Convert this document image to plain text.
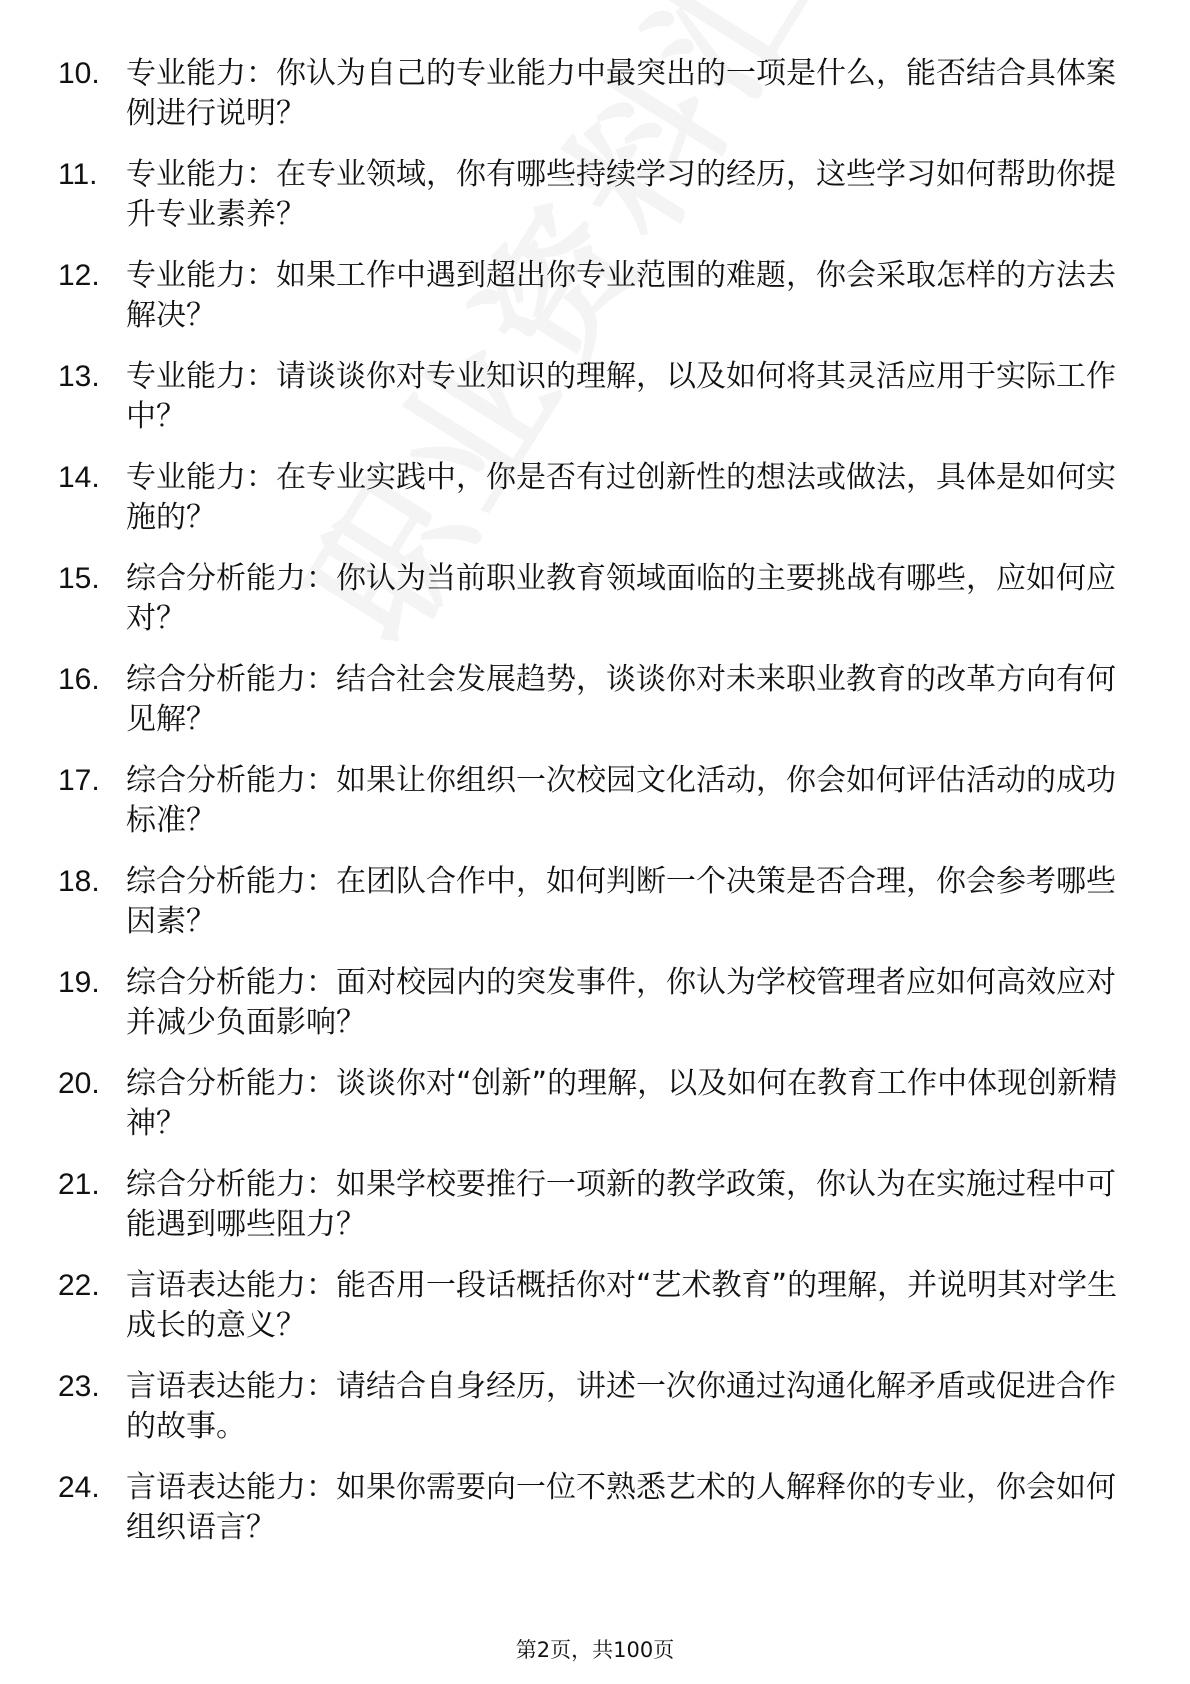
10. 专业能力：你认为自己的专业能力中最突出的一项是什么，能否结合具体案例进行说明？
11. 专业能力：在专业领域，你有哪些持续学习的经历，这些学习如何帮助你提升专业素养？
12. 专业能力：如果工作中遇到超出你专业范围的难题，你会采取怎样的方法去解决？
13. 专业能力：请谈谈你对专业知识的理解，以及如何将其灵活应用于实际工作中？
14. 专业能力：在专业实践中，你是否有过创新性的想法或做法，具体是如何实施的？
15. 综合分析能力：你认为当前职业教育领域面临的主要挑战有哪些，应如何应对？
16. 综合分析能力：结合社会发展趋势，谈谈你对未来职业教育的改革方向有何见解？
17. 综合分析能力：如果让你组织一次校园文化活动，你会如何评估活动的成功标准？
18. 综合分析能力：在团队合作中，如何判断一个决策是否合理，你会参考哪些因素？
19. 综合分析能力：面对校园内的突发事件，你认为学校管理者应如何高效应对并减少负面影响？
20. 综合分析能力：谈谈你对“创新”的理解，以及如何在教育工作中体现创新精神？
21. 综合分析能力：如果学校要推行一项新的教学政策，你认为在实施过程中可能遇到哪些阻力？
22. 言语表达能力：能否用一段话概括你对“艺术教育”的理解，并说明其对学生成长的意义？
23. 言语表达能力：请结合自身经历，讲述一次你通过沟通化解矛盾或促进合作的故事。
24. 言语表达能力：如果你需要向一位不熟悉艺术的人解释你的专业，你会如何组织语言？
第2页，共100页
